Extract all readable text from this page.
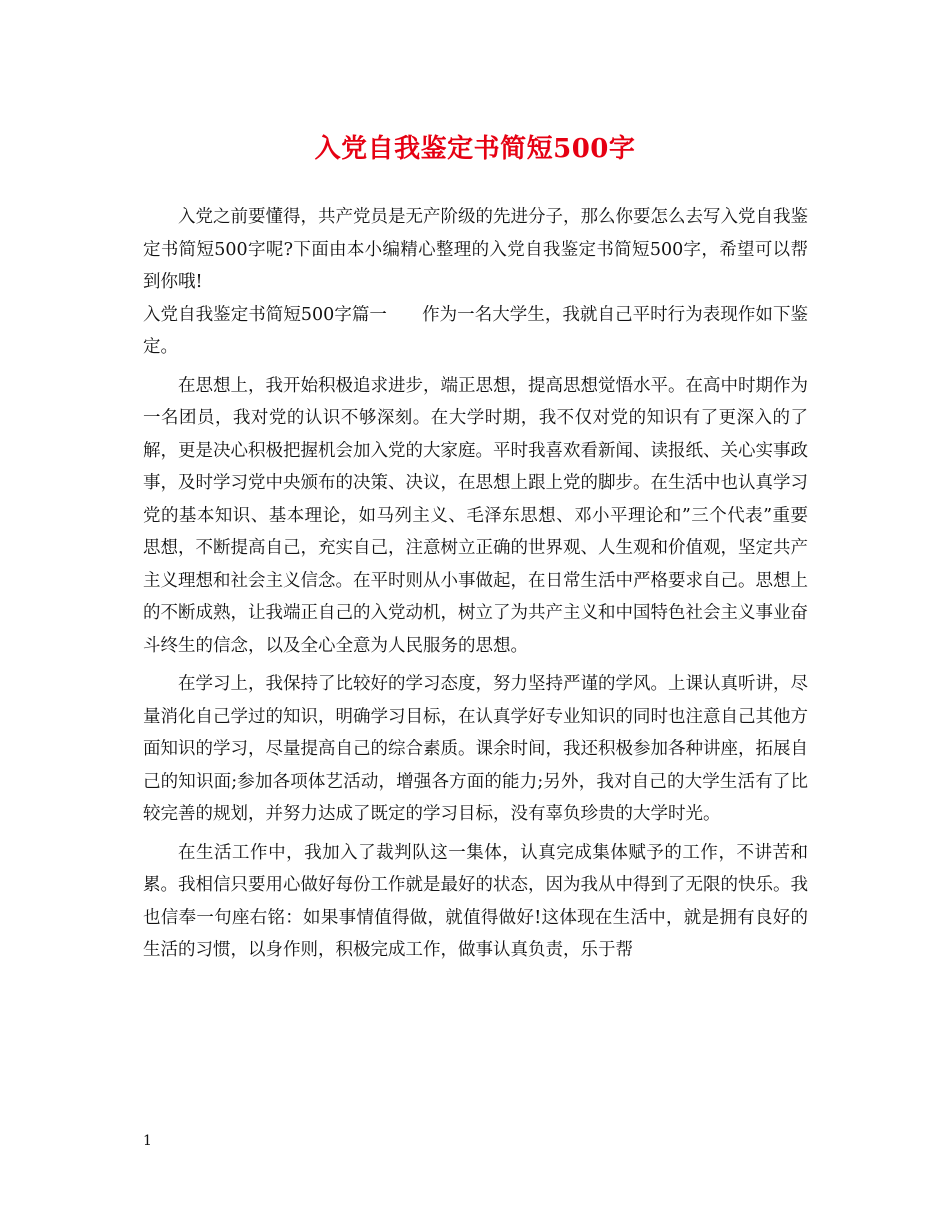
入党自我鉴定书简短500字

入党之前要懂得，共产党员是无产阶级的先进分子，那么你要怎么去写入党自我鉴定书简短500字呢?下面由本小编精心整理的入党自我鉴定书简短500字，希望可以帮到你哦!

入党自我鉴定书简短500字篇一　　作为一名大学生，我就自己平时行为表现作如下鉴定。

在思想上，我开始积极追求进步，端正思想，提高思想觉悟水平。在高中时期作为一名团员，我对党的认识不够深刻。在大学时期，我不仅对党的知识有了更深入的了解，更是决心积极把握机会加入党的大家庭。平时我喜欢看新闻、读报纸、关心实事政事，及时学习党中央颁布的决策、决议，在思想上跟上党的脚步。在生活中也认真学习党的基本知识、基本理论，如马列主义、毛泽东思想、邓小平理论和”三个代表”重要思想，不断提高自己，充实自己，注意树立正确的世界观、人生观和价值观，坚定共产主义理想和社会主义信念。在平时则从小事做起，在日常生活中严格要求自己。思想上的不断成熟，让我端正自己的入党动机，树立了为共产主义和中国特色社会主义事业奋斗终生的信念，以及全心全意为人民服务的思想。

在学习上，我保持了比较好的学习态度，努力坚持严谨的学风。上课认真听讲，尽量消化自己学过的知识，明确学习目标，在认真学好专业知识的同时也注意自己其他方面知识的学习，尽量提高自己的综合素质。课余时间，我还积极参加各种讲座，拓展自己的知识面;参加各项体艺活动，增强各方面的能力;另外，我对自己的大学生活有了比较完善的规划，并努力达成了既定的学习目标，没有辜负珍贵的大学时光。

在生活工作中，我加入了裁判队这一集体，认真完成集体赋予的工作，不讲苦和累。我相信只要用心做好每份工作就是最好的状态，因为我从中得到了无限的快乐。我也信奉一句座右铭：如果事情值得做，就值得做好!这体现在生活中，就是拥有良好的生活的习惯，以身作则，积极完成工作，做事认真负责，乐于帮

1
